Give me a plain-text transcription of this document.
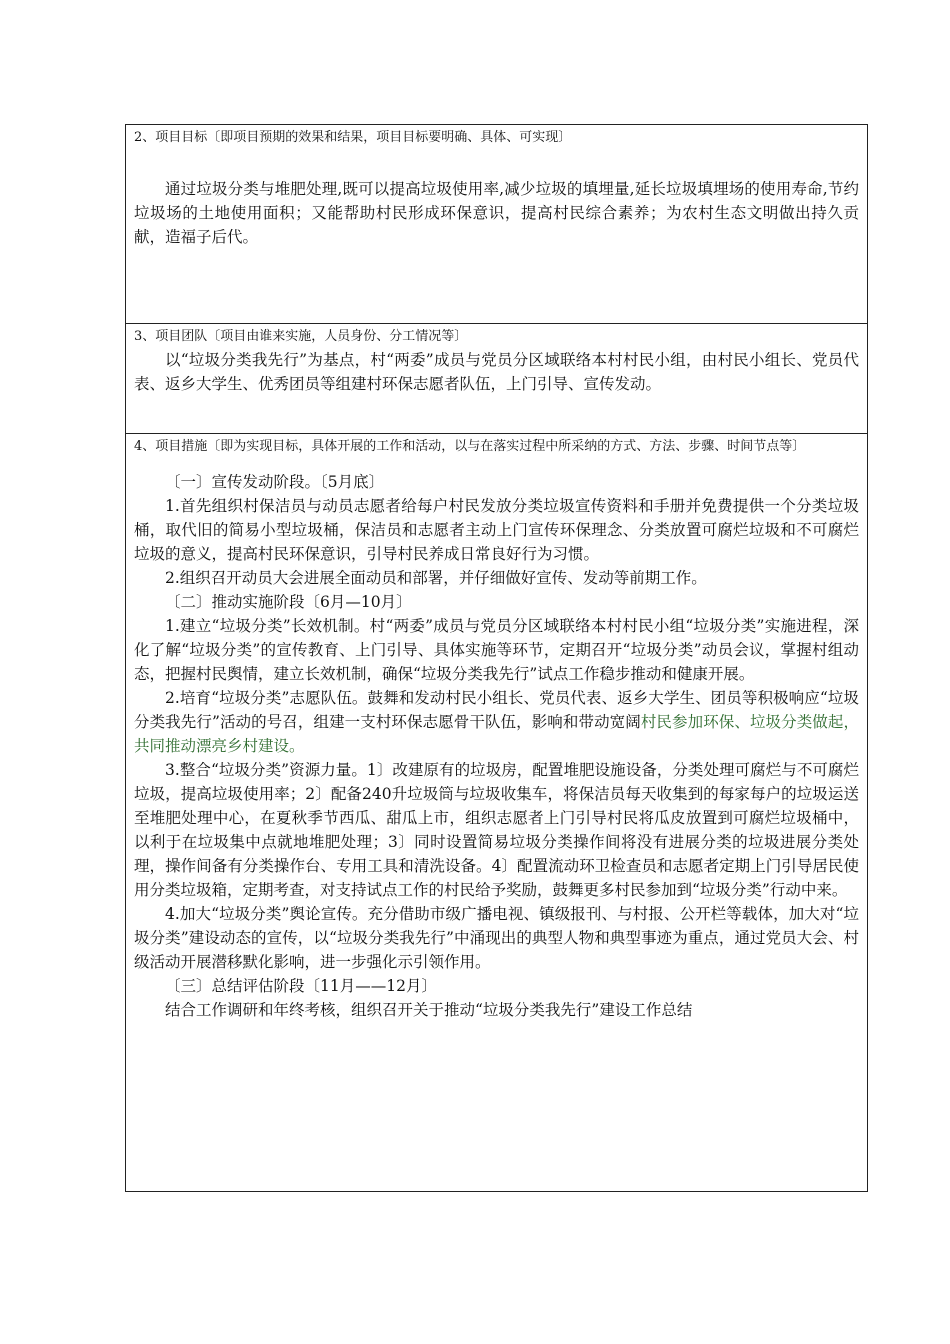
2、项目目标〔即项目预期的效果和结果，项目目标要明确、具体、可实现〕

通过垃圾分类与堆肥处理,既可以提高垃圾使用率,减少垃圾的填埋量,延长垃圾填埋场的使用寿命,节约垃圾场的土地使用面积；又能帮助村民形成环保意识，提高村民综合素养；为农村生态文明做出持久贡献，造福子后代。

3、项目团队〔项目由谁来实施，人员身份、分工情况等〕

以“垃圾分类我先行”为基点，村“两委”成员与党员分区域联络本村村民小组，由村民小组长、党员代表、返乡大学生、优秀团员等组建村环保志愿者队伍，上门引导、宣传发动。

4、项目措施〔即为实现目标，具体开展的工作和活动，以与在落实过程中所采纳的方式、方法、步骤、时间节点等〕

〔一〕宣传发动阶段。〔5月底〕

1.首先组织村保洁员与动员志愿者给每户村民发放分类垃圾宣传资料和手册并免费提供一个分类垃圾桶，取代旧的简易小型垃圾桶，保洁员和志愿者主动上门宣传环保理念、分类放置可腐烂垃圾和不可腐烂垃圾的意义，提高村民环保意识，引导村民养成日常良好行为习惯。

2.组织召开动员大会进展全面动员和部署，并仔细做好宣传、发动等前期工作。

〔二〕推动实施阶段〔6月—10月〕

1.建立“垃圾分类”长效机制。村“两委”成员与党员分区域联络本村村民小组“垃圾分类”实施进程，深化了解“垃圾分类”的宣传教育、上门引导、具体实施等环节，定期召开“垃圾分类”动员会议，掌握村组动态，把握村民舆情，建立长效机制，确保“垃圾分类我先行”试点工作稳步推动和健康开展。

2.培育“垃圾分类”志愿队伍。鼓舞和发动村民小组长、党员代表、返乡大学生、团员等积极响应“垃圾分类我先行”活动的号召，组建一支村环保志愿骨干队伍，影响和带动宽阔村民参加环保、垃圾分类做起，共同推动漂亮乡村建设。

3.整合“垃圾分类”资源力量。1〕改建原有的垃圾房，配置堆肥设施设备，分类处理可腐烂与不可腐烂垃圾，提高垃圾使用率；2〕配备240升垃圾筒与垃圾收集车，将保洁员每天收集到的每家每户的垃圾运送至堆肥处理中心，在夏秋季节西瓜、甜瓜上市，组织志愿者上门引导村民将瓜皮放置到可腐烂垃圾桶中，以利于在垃圾集中点就地堆肥处理；3〕同时设置简易垃圾分类操作间将没有进展分类的垃圾进展分类处理，操作间备有分类操作台、专用工具和清洗设备。4〕配置流动环卫检查员和志愿者定期上门引导居民使用分类垃圾箱，定期考查，对支持试点工作的村民给予奖励，鼓舞更多村民参加到“垃圾分类”行动中来。

4.加大“垃圾分类”舆论宣传。充分借助市级广播电视、镇级报刊、与村报、公开栏等载体，加大对“垃圾分类”建设动态的宣传，以“垃圾分类我先行”中涌现出的典型人物和典型事迹为重点，通过党员大会、村级活动开展潜移默化影响，进一步强化示引领作用。

〔三〕总结评估阶段〔11月——12月〕

结合工作调研和年终考核，组织召开关于推动“垃圾分类我先行”建设工作总结
